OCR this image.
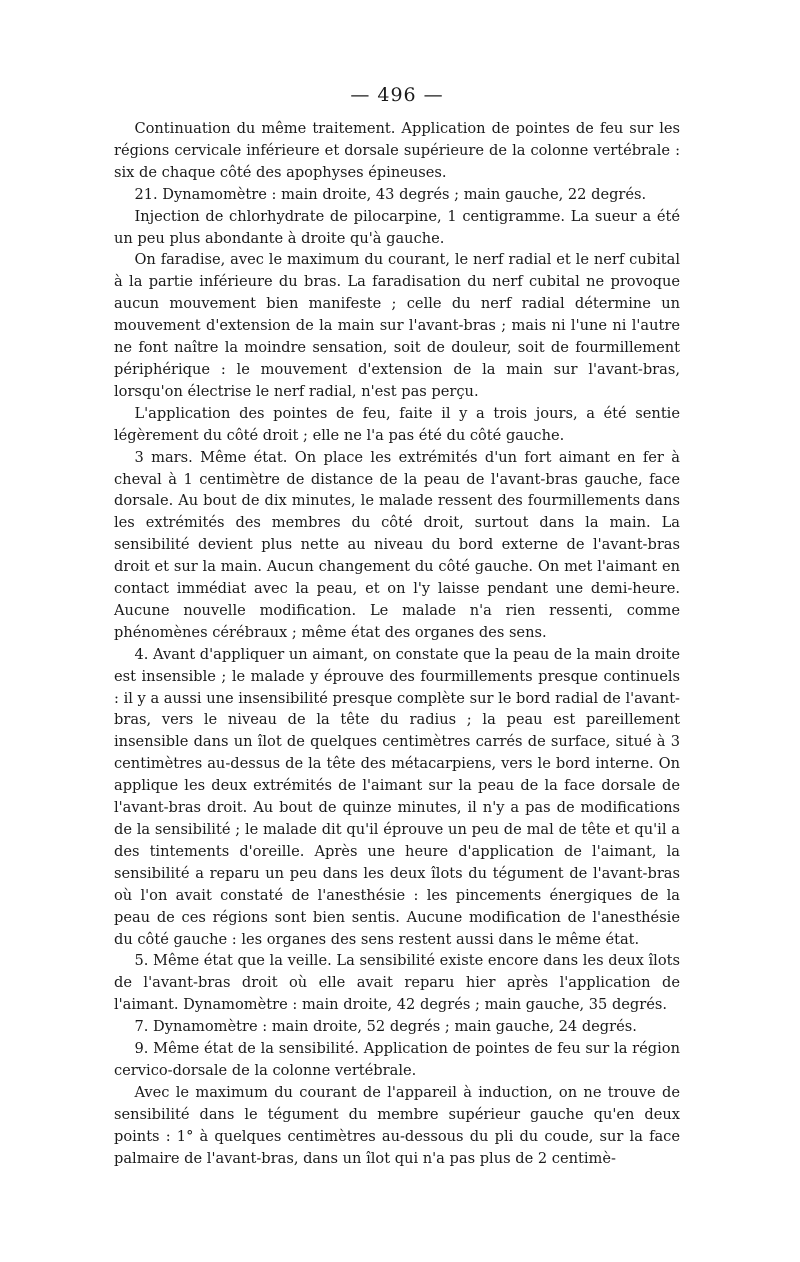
— 496 —

Continuation du même traitement. Application de pointes de feu sur les régions cervicale inférieure et dorsale supérieure de la colonne vertébrale : six de chaque côté des apophyses épineuses.

21. Dynamomètre : main droite, 43 degrés ; main gauche, 22 degrés.

Injection de chlorhydrate de pilocarpine, 1 centigramme. La sueur a été un peu plus abondante à droite qu'à gauche.

On faradise, avec le maximum du courant, le nerf radial et le nerf cubital à la partie inférieure du bras. La faradisation du nerf cubital ne provoque aucun mouvement bien manifeste ; celle du nerf radial détermine un mouvement d'extension de la main sur l'avant-bras ; mais ni l'une ni l'autre ne font naître la moindre sensation, soit de douleur, soit de fourmillement périphérique : le mouvement d'extension de la main sur l'avant-bras, lorsqu'on électrise le nerf radial, n'est pas perçu.

L'application des pointes de feu, faite il y a trois jours, a été sentie légèrement du côté droit ; elle ne l'a pas été du côté gauche.

3 mars. Même état. On place les extrémités d'un fort aimant en fer à cheval à 1 centimètre de distance de la peau de l'avant-bras gauche, face dorsale. Au bout de dix minutes, le malade ressent des fourmillements dans les extrémités des membres du côté droit, surtout dans la main. La sensibilité devient plus nette au niveau du bord externe de l'avant-bras droit et sur la main. Aucun changement du côté gauche. On met l'aimant en contact immédiat avec la peau, et on l'y laisse pendant une demi-heure. Aucune nouvelle modification. Le malade n'a rien ressenti, comme phénomènes cérébraux ; même état des organes des sens.

4. Avant d'appliquer un aimant, on constate que la peau de la main droite est insensible ; le malade y éprouve des fourmillements presque continuels : il y a aussi une insensibilité presque complète sur le bord radial de l'avant-bras, vers le niveau de la tête du radius ; la peau est pareillement insensible dans un îlot de quelques centimètres carrés de surface, situé à 3 centimètres au-dessus de la tête des métacarpiens, vers le bord interne. On applique les deux extrémités de l'aimant sur la peau de la face dorsale de l'avant-bras droit. Au bout de quinze minutes, il n'y a pas de modifications de la sensibilité ; le malade dit qu'il éprouve un peu de mal de tête et qu'il a des tintements d'oreille. Après une heure d'application de l'aimant, la sensibilité a reparu un peu dans les deux îlots du tégument de l'avant-bras où l'on avait constaté de l'anesthésie : les pincements énergiques de la peau de ces régions sont bien sentis. Aucune modification de l'anesthésie du côté gauche : les organes des sens restent aussi dans le même état.

5. Même état que la veille. La sensibilité existe encore dans les deux îlots de l'avant-bras droit où elle avait reparu hier après l'application de l'aimant. Dynamomètre : main droite, 42 degrés ; main gauche, 35 degrés.

7. Dynamomètre : main droite, 52 degrés ; main gauche, 24 degrés.

9. Même état de la sensibilité. Application de pointes de feu sur la région cervico-dorsale de la colonne vertébrale.

Avec le maximum du courant de l'appareil à induction, on ne trouve de sensibilité dans le tégument du membre supérieur gauche qu'en deux points : 1° à quelques centimètres au-dessous du pli du coude, sur la face palmaire de l'avant-bras, dans un îlot qui n'a pas plus de 2 centimè-
